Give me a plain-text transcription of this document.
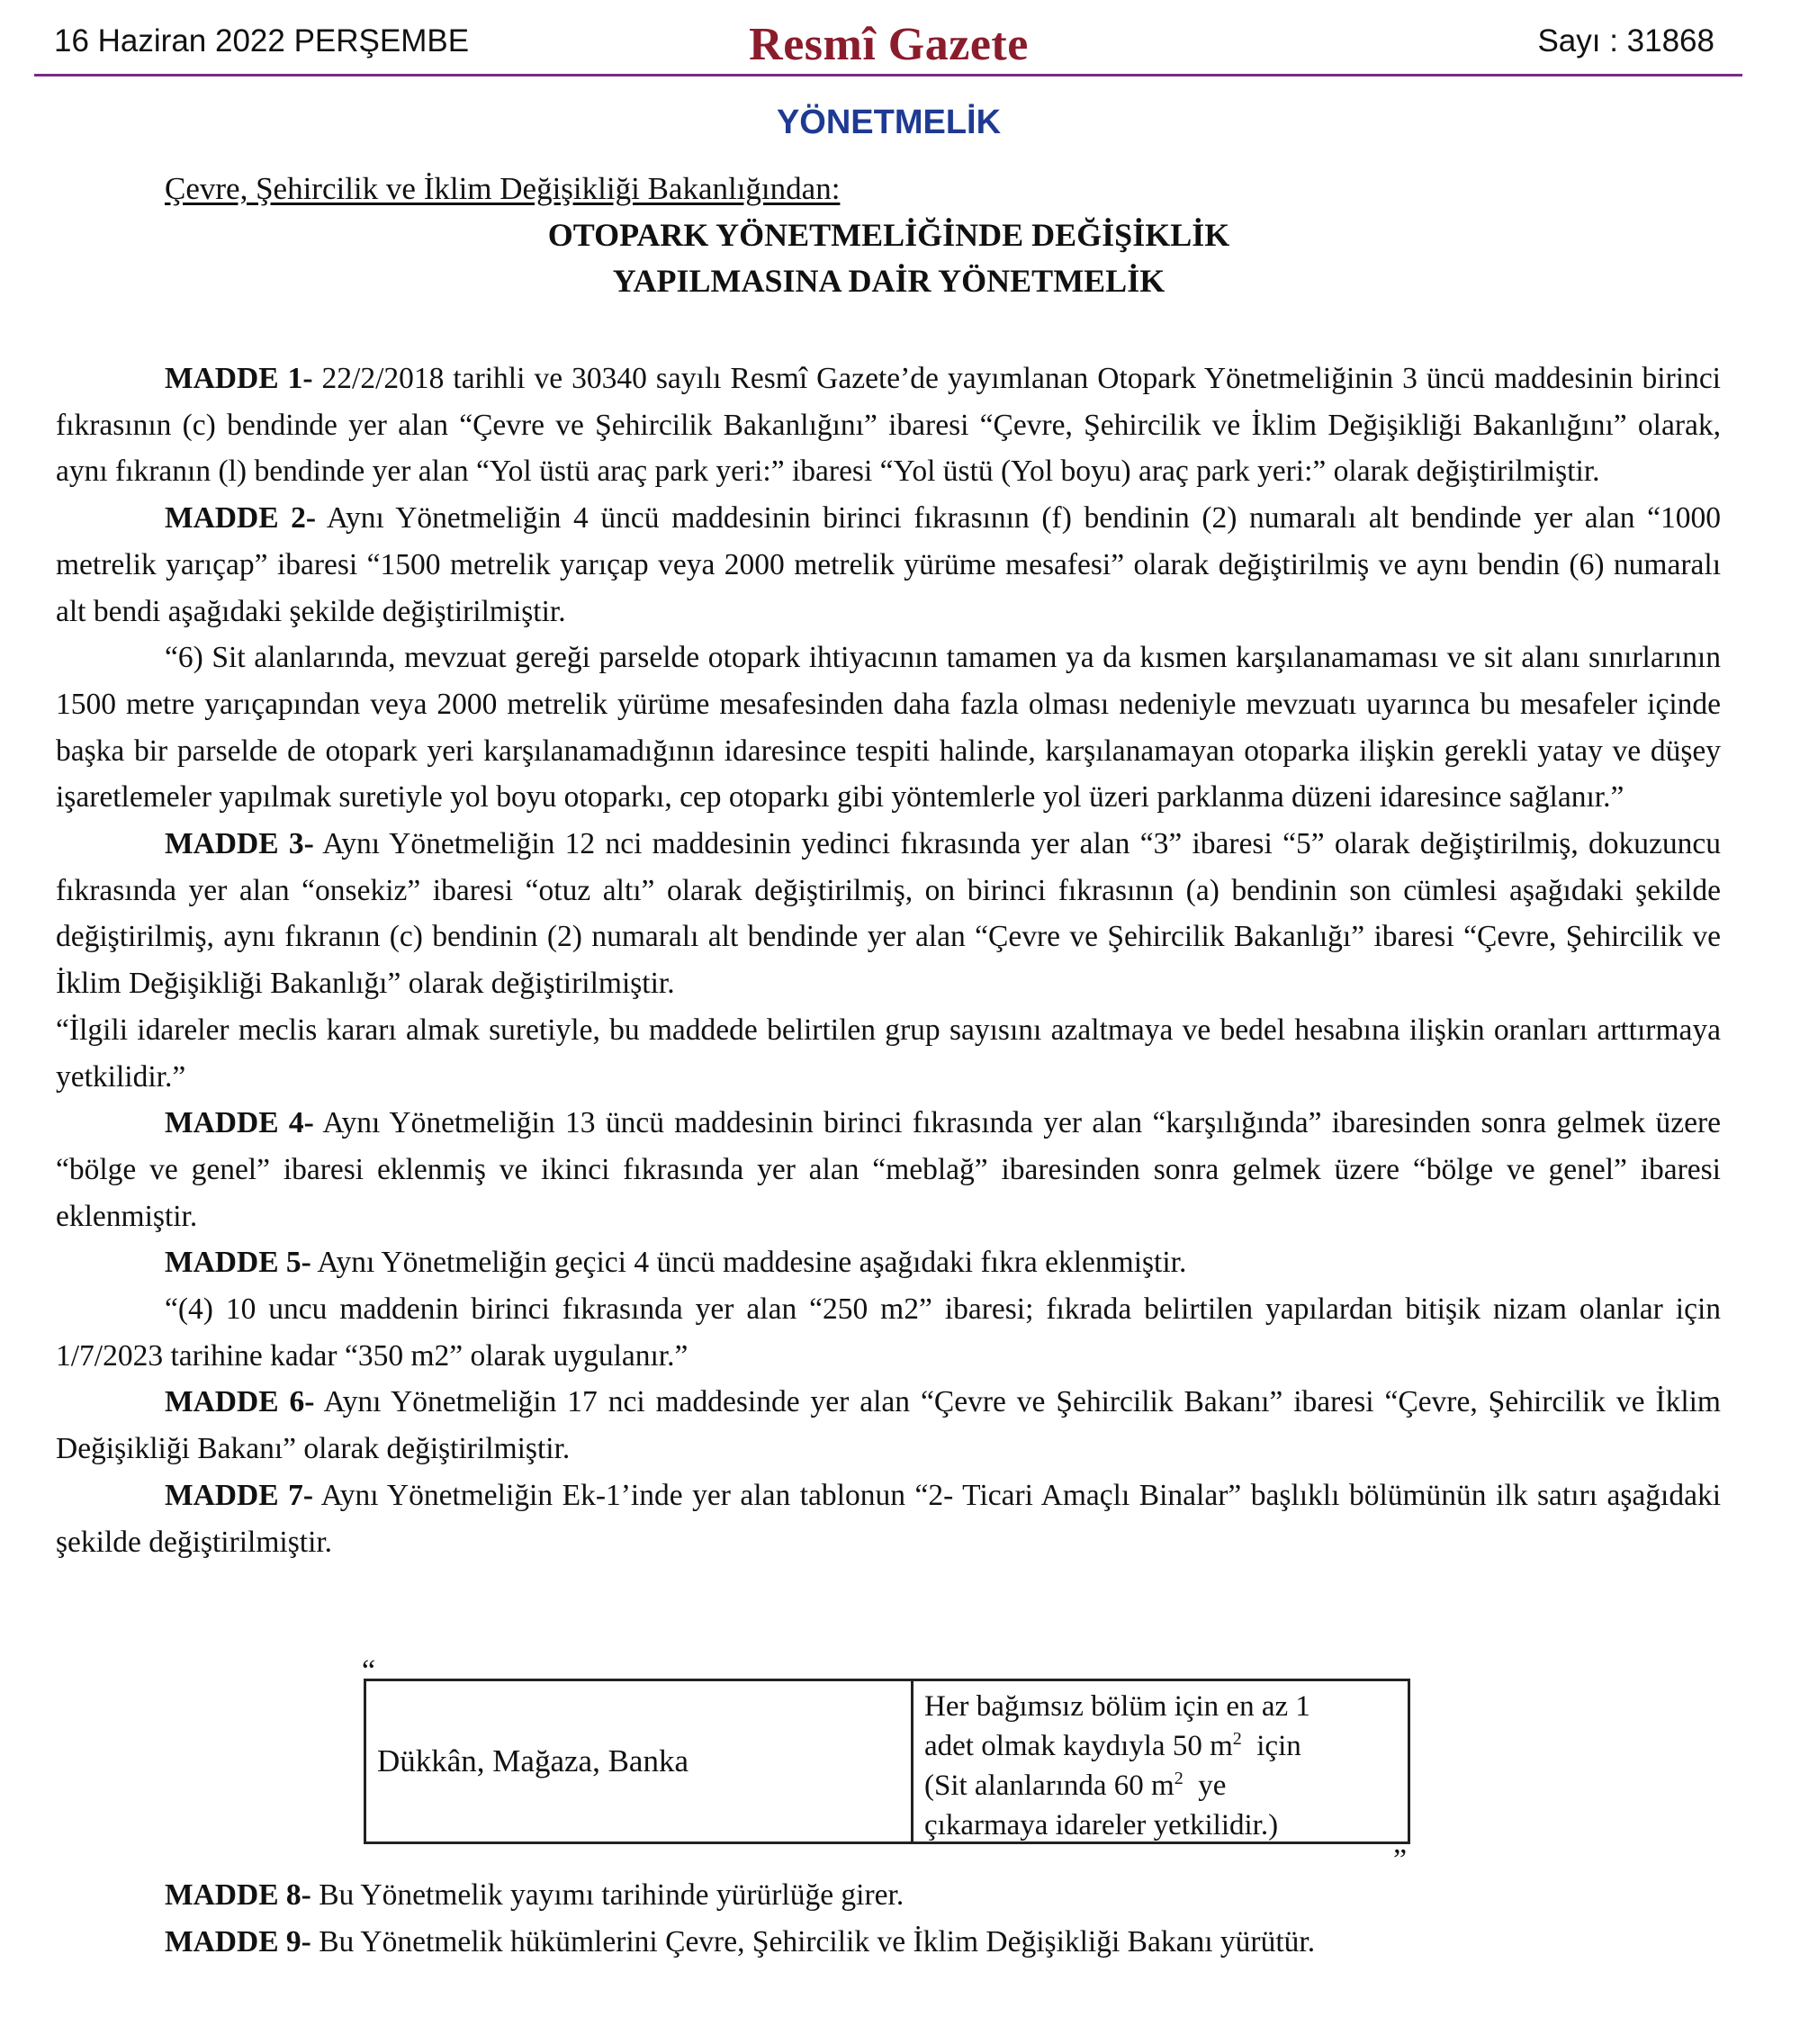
16 Haziran 2022 PERŞEMBE	Resmî Gazete	Sayı : 31868
YÖNETMELİK
Çevre, Şehircilik ve İklim Değişikliği Bakanlığından:
OTOPARK YÖNETMELİĞİNDE DEĞİŞİKLİK
YAPILMASINA DAİR YÖNETMELİK

MADDE 1- 22/2/2018 tarihli ve 30340 sayılı Resmî Gazete’de yayımlanan Otopark Yönetmeliğinin 3 üncü maddesinin birinci fıkrasının (c) bendinde yer alan “Çevre ve Şehircilik Bakanlığını” ibaresi “Çevre, Şehircilik ve İklim Değişikliği Bakanlığını” olarak, aynı fıkranın (l) bendinde yer alan “Yol üstü araç park yeri:” ibaresi “Yol üstü (Yol boyu) araç park yeri:” olarak değiştirilmiştir.

MADDE 2- Aynı Yönetmeliğin 4 üncü maddesinin birinci fıkrasının (f) bendinin (2) numaralı alt bendinde yer alan “1000 metrelik yarıçap” ibaresi “1500 metrelik yarıçap veya 2000 metrelik yürüme mesafesi” olarak değiştirilmiş ve aynı bendin (6) numaralı alt bendi aşağıdaki şekilde değiştirilmiştir.

“6) Sit alanlarında, mevzuat gereği parselde otopark ihtiyacının tamamen ya da kısmen karşılanamaması ve sit alanı sınırlarının 1500 metre yarıçapından veya 2000 metrelik yürüme mesafesinden daha fazla olması nedeniyle mevzuatı uyarınca bu mesafeler içinde başka bir parselde de otopark yeri karşılanamadığının idaresince tespiti halinde, karşılanamayan otoparka ilişkin gerekli yatay ve düşey işaretlemeler yapılmak suretiyle yol boyu otoparkı, cep otoparkı gibi yöntemlerle yol üzeri parklanma düzeni idaresince sağlanır.”

MADDE 3- Aynı Yönetmeliğin 12 nci maddesinin yedinci fıkrasında yer alan “3” ibaresi “5” olarak değiştirilmiş, dokuzuncu fıkrasında yer alan “onsekiz” ibaresi “otuz altı” olarak değiştirilmiş, on birinci fıkrasının (a) bendinin son cümlesi aşağıdaki şekilde değiştirilmiş, aynı fıkranın (c) bendinin (2) numaralı alt bendinde yer alan “Çevre ve Şehircilik Bakanlığı” ibaresi “Çevre, Şehircilik ve İklim Değişikliği Bakanlığı” olarak değiştirilmiştir.

“İlgili idareler meclis kararı almak suretiyle, bu maddede belirtilen grup sayısını azaltmaya ve bedel hesabına ilişkin oranları arttırmaya yetkilidir.”

MADDE 4- Aynı Yönetmeliğin 13 üncü maddesinin birinci fıkrasında yer alan “karşılığında” ibaresinden sonra gelmek üzere “bölge ve genel” ibaresi eklenmiş ve ikinci fıkrasında yer alan “meblağ” ibaresinden sonra gelmek üzere “bölge ve genel” ibaresi eklenmiştir.

MADDE 5- Aynı Yönetmeliğin geçici 4 üncü maddesine aşağıdaki fıkra eklenmiştir.

“(4) 10 uncu maddenin birinci fıkrasında yer alan “250 m2” ibaresi; fıkrada belirtilen yapılardan bitişik nizam olanlar için 1/7/2023 tarihine kadar “350 m2” olarak uygulanır.”

MADDE 6- Aynı Yönetmeliğin 17 nci maddesinde yer alan “Çevre ve Şehircilik Bakanı” ibaresi “Çevre, Şehircilik ve İklim Değişikliği Bakanı” olarak değiştirilmiştir.

MADDE 7- Aynı Yönetmeliğin Ek-1’inde yer alan tablonun “2- Ticari Amaçlı Binalar” başlıklı bölümünün ilk satırı aşağıdaki şekilde değiştirilmiştir.

“
Dükkân, Mağaza, Banka
Her bağımsız bölüm için en az 1
adet olmak kaydıyla 50 $m^2$  için
(Sit alanlarında 60 $m^2$  ye
çıkarmaya idareler yetkilidir.)
”

MADDE 8- Bu Yönetmelik yayımı tarihinde yürürlüğe girer.

MADDE 9- Bu Yönetmelik hükümlerini Çevre, Şehircilik ve İklim Değişikliği Bakanı yürütür.
